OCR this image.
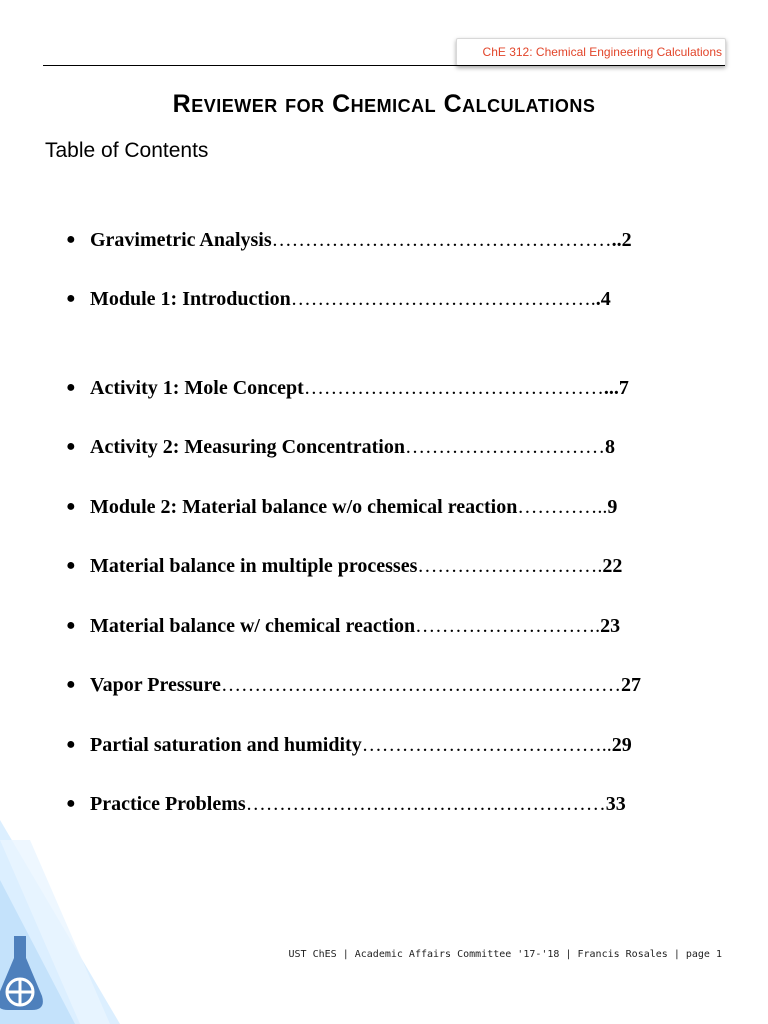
ChE 312: Chemical Engineering Calculations
Reviewer for Chemical Calculations
Table of Contents
● Gravimetric Analysis……………………………………………..2
● Module 1: Introduction………………………………………..4
● Activity 1: Mole Concept………………………………………...7
● Activity 2: Measuring Concentration…………………………8
● Module 2: Material balance w/o chemical reaction…………..9
● Material balance in multiple processes……………………….22
● Material balance w/ chemical reaction……………………….23
● Vapor Pressure……………………………………………………27
● Partial saturation and humidity………………………………..29
● Practice Problems………………………………………………33
UST ChES | Academic Affairs Committee '17-'18 | Francis Rosales | page 1
